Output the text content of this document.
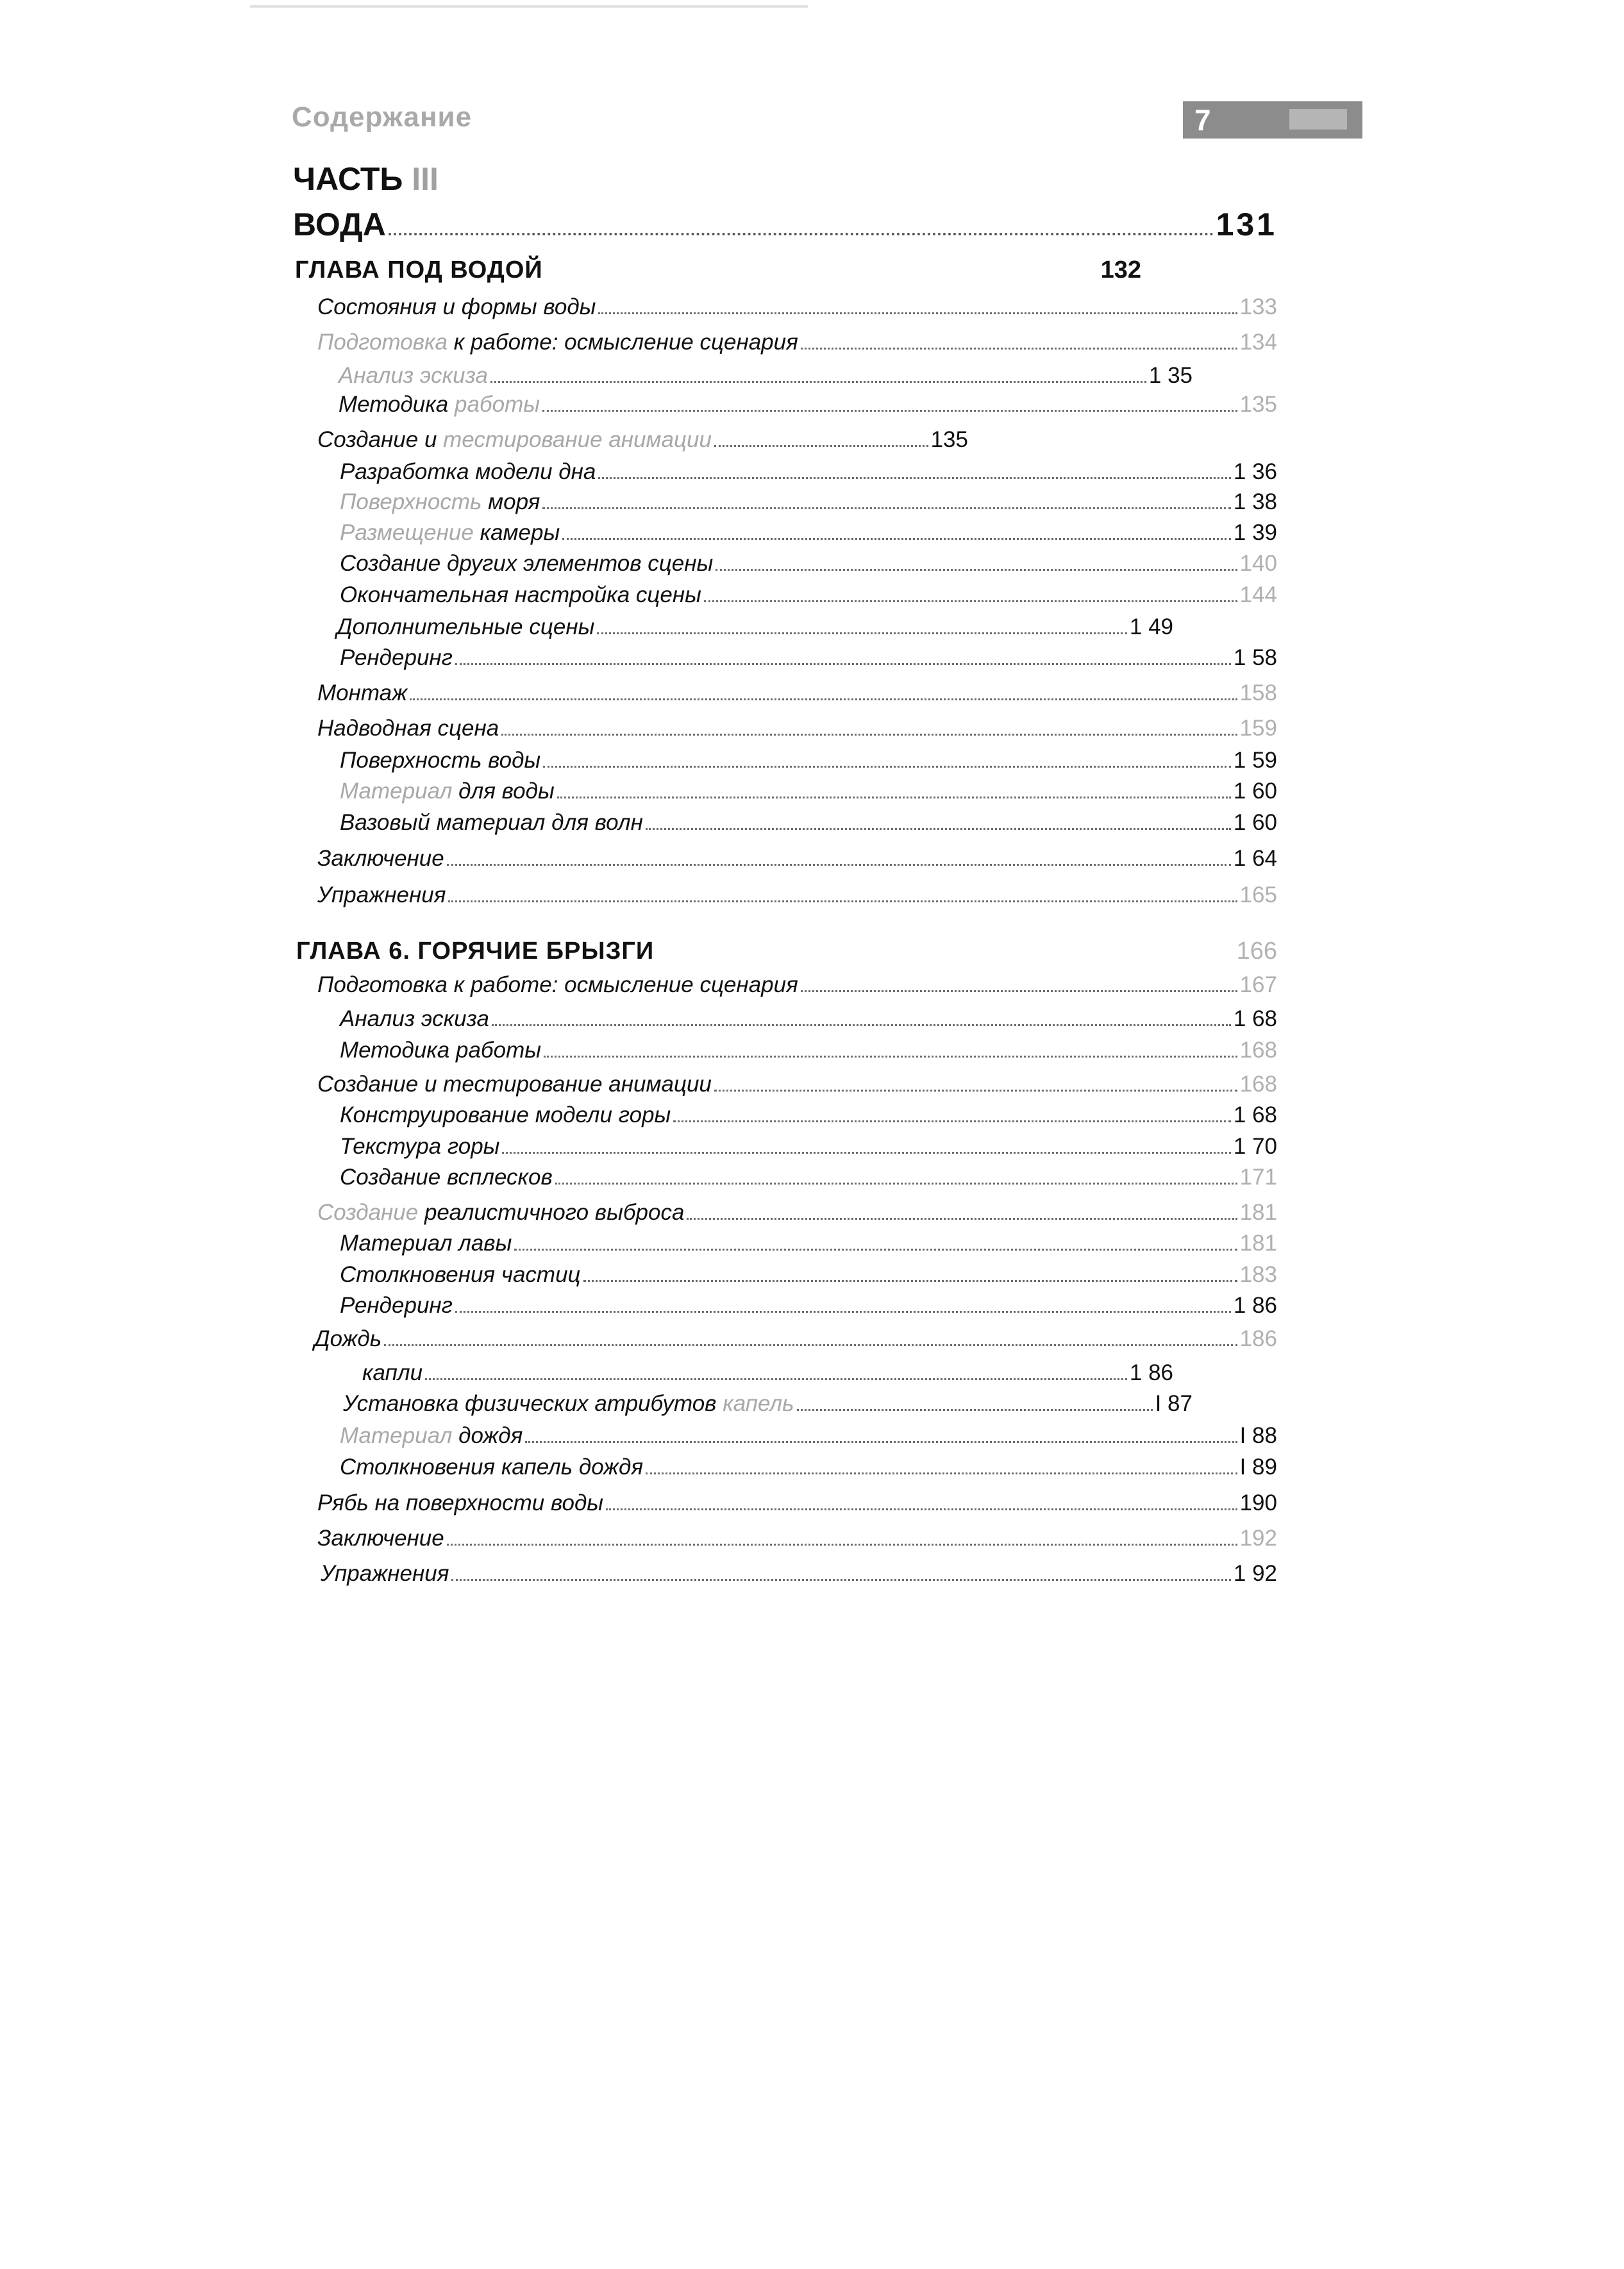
Содержание	7
ЧАСТЬ III
ВОДА	131
ГЛАВА ПОД ВОДОЙ	132
Состояния и формы воды	133
Подготовка к работе: осмысление сценария	134
Анализ эскиза	1 35
Методика работы	135
Создание и тестирование анимации	135
Разработка модели дна	1 36
Поверхность моря	1 38
Размещение камеры	1 39
Создание других элементов сцены	140
Окончательная настройка сцены	144
Дополнительные сцены	1 49
Рендеринг	1 58
Монтаж	158
Надводная сцена	159
Поверхность воды	1 59
Материал для воды	1 60
Вазовый материал для волн	1 60
Заключение	1 64
Упражнения	165
ГЛАВА 6. ГОРЯЧИЕ БРЫЗГИ	166
Подготовка к работе: осмысление сценария	167
Анализ эскиза	1 68
Методика работы	168
Создание и тестирование анимации	168
Конструирование модели горы	1 68
Текстура горы	1 70
Создание всплесков	171
Создание реалистичного выброса	181
Материал лавы	181
Столкновения частиц	183
Рендеринг	1 86
Дождь	186
капли	1 86
Установка физических атрибутов капель	I 87
Материал дождя	I 88
Столкновения капель дождя	I 89
Рябь на поверхности воды	190
Заключение	192
Упражнения	1 92
